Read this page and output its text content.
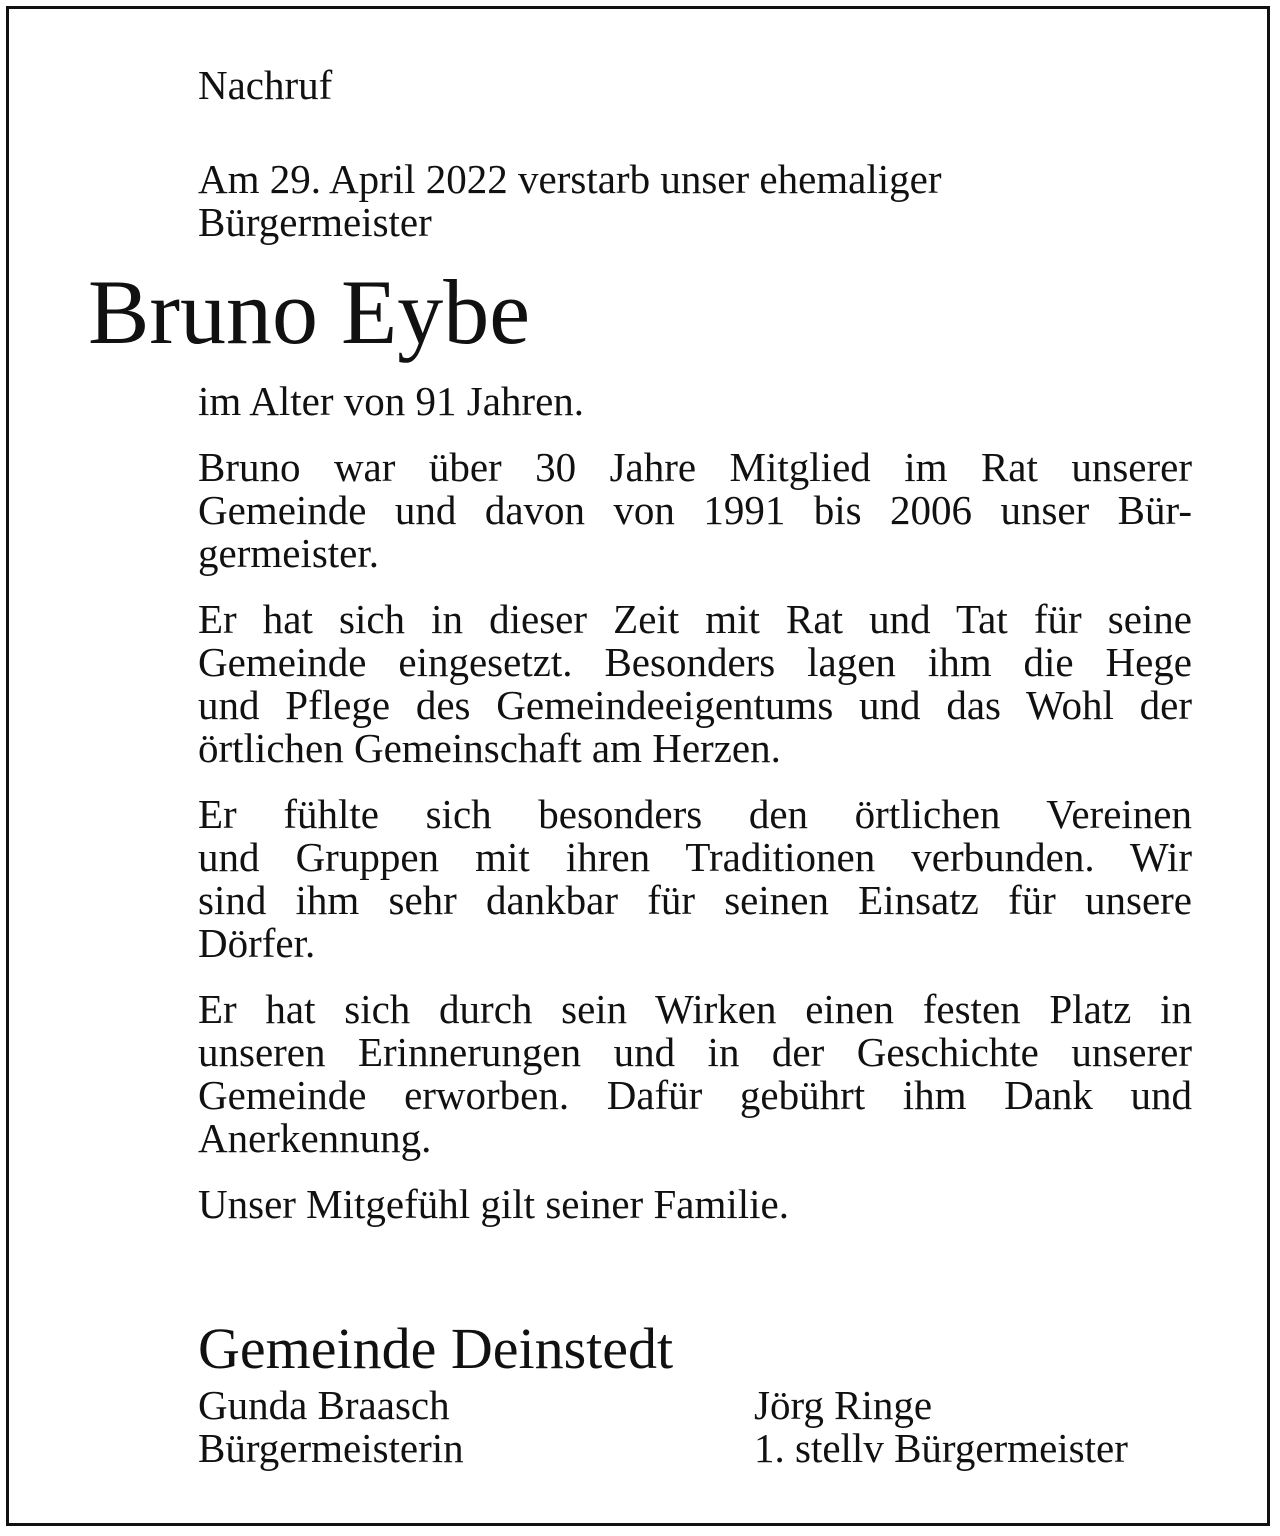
Nachruf
Am 29. April 2022 verstarb unser ehemaliger
Bürgermeister
Bruno Eybe

im Alter von 91 Jahren.

Bruno war über 30 Jahre Mitglied im Rat unserer
Gemeinde und davon von 1991 bis 2006 unser Bür-
germeister.

Er hat sich in dieser Zeit mit Rat und Tat für seine
Gemeinde eingesetzt. Besonders lagen ihm die Hege
und Pflege des Gemeindeeigentums und das Wohl der
örtlichen Gemeinschaft am Herzen.

Er fühlte sich besonders den örtlichen Vereinen
und Gruppen mit ihren Traditionen verbunden. Wir
sind ihm sehr dankbar für seinen Einsatz für unsere
Dörfer.

Er hat sich durch sein Wirken einen festen Platz in
unseren Erinnerungen und in der Geschichte unserer
Gemeinde erworben. Dafür gebührt ihm Dank und
Anerkennung.

Unser Mitgefühl gilt seiner Familie.

Gemeinde Deinstedt
Gunda Braasch
Bürgermeisterin
Jörg Ringe
1. stellv Bürgermeister
